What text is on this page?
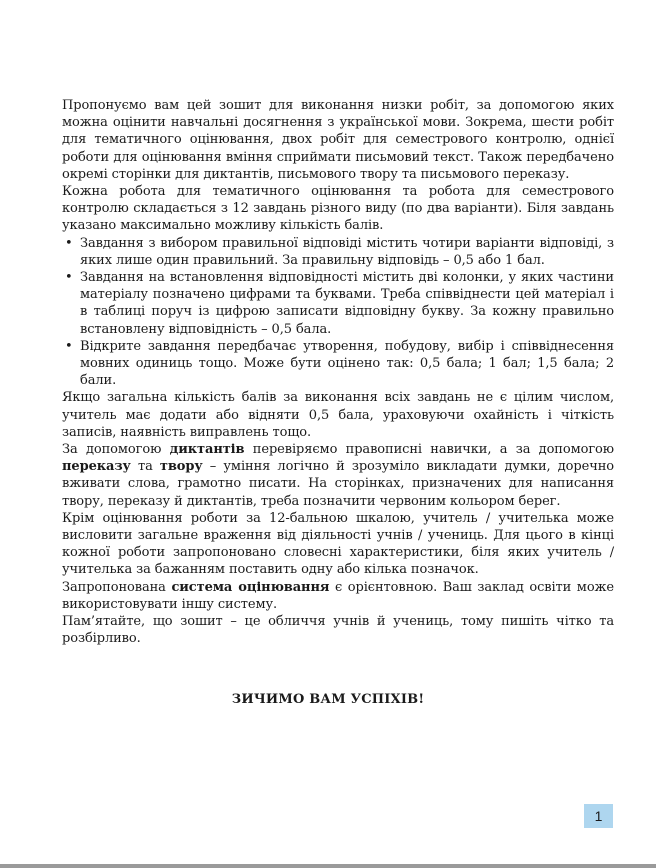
Пропонуємо вам цей зошит для виконання низки робіт, за допомогою яких можна оцінити навчальні досягнення з української мови. Зокрема, шести робіт для тематичного оцінювання, двох робіт для семестрового контролю, однієї роботи для оцінювання вміння сприймати письмовий текст. Також передбачено окремі сторінки для диктантів, письмового твору та письмового переказу.

Кожна робота для тематичного оцінювання та робота для семестрового контролю складається з 12 завдань різного виду (по два варіанти). Біля завдань указано максимально можливу кількість балів.

• Завдання з вибором правильної відповіді містить чотири варіанти відповіді, з яких лише один правильний. За правильну відповідь – 0,5 або 1 бал.

• Завдання на встановлення відповідності містить дві колонки, у яких частини матеріалу позначено цифрами та буквами. Треба співвіднести цей матеріал і в таблиці поруч із цифрою записати відповідну букву. За кожну правильно встановлену відповідність – 0,5 бала.

• Відкрите завдання передбачає утворення, побудову, вибір і співвіднесення мовних одиниць тощо. Може бути оцінено так: 0,5 бала; 1 бал; 1,5 бала; 2 бали.

Якщо загальна кількість балів за виконання всіх завдань не є цілим числом, учитель має додати або відняти 0,5 бала, ураховуючи охайність і чіткість записів, наявність виправлень тощо.

За допомогою диктантів перевіряємо правописні навички, а за допомогою переказу та твору – уміння логічно й зрозуміло викладати думки, доречно вживати слова, грамотно писати. На сторінках, призначених для написання твору, переказу й диктантів, треба позначити червоним кольором берег.

Крім оцінювання роботи за 12-бальною шкалою, учитель / учителька може висловити загальне враження від діяльності учнів / учениць. Для цього в кінці кожної роботи запропоновано словесні характеристики, біля яких учитель / учителька за бажанням поставить одну або кілька позначок.

Запропонована система оцінювання є орієнтовною. Ваш заклад освіти може використовувати іншу систему.

Пам’ятайте, що зошит – це обличчя учнів й учениць, тому пишіть чітко та розбірливо.

ЗИЧИМО ВАМ УСПІХІВ!
1
